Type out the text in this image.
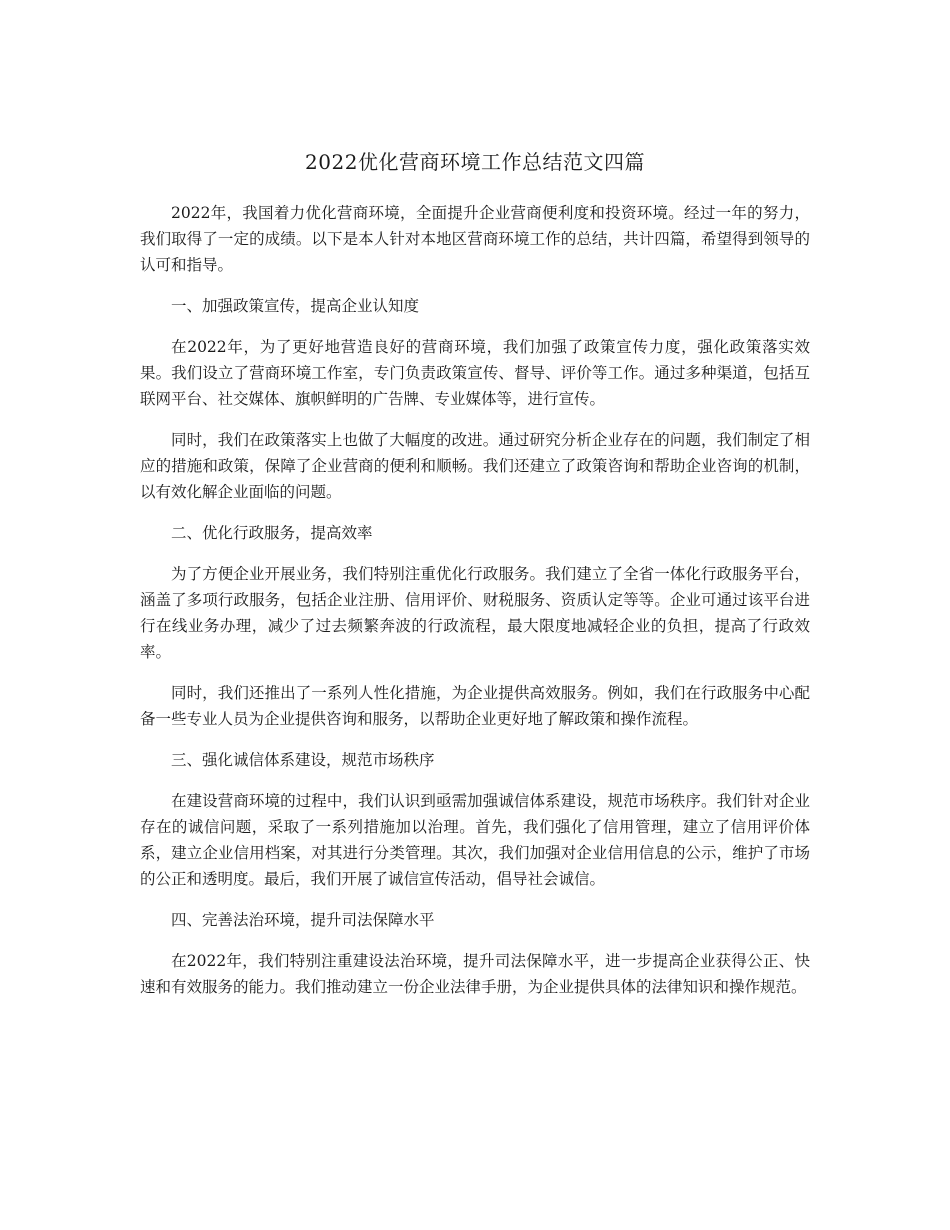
2022优化营商环境工作总结范文四篇

2022年，我国着力优化营商环境，全面提升企业营商便利度和投资环境。经过一年的努力，我们取得了一定的成绩。以下是本人针对本地区营商环境工作的总结，共计四篇，希望得到领导的认可和指导。

一、加强政策宣传，提高企业认知度

在2022年，为了更好地营造良好的营商环境，我们加强了政策宣传力度，强化政策落实效果。我们设立了营商环境工作室，专门负责政策宣传、督导、评价等工作。通过多种渠道，包括互联网平台、社交媒体、旗帜鲜明的广告牌、专业媒体等，进行宣传。

同时，我们在政策落实上也做了大幅度的改进。通过研究分析企业存在的问题，我们制定了相应的措施和政策，保障了企业营商的便利和顺畅。我们还建立了政策咨询和帮助企业咨询的机制，以有效化解企业面临的问题。

二、优化行政服务，提高效率

为了方便企业开展业务，我们特别注重优化行政服务。我们建立了全省一体化行政服务平台，涵盖了多项行政服务，包括企业注册、信用评价、财税服务、资质认定等等。企业可通过该平台进行在线业务办理，减少了过去频繁奔波的行政流程，最大限度地减轻企业的负担，提高了行政效率。

同时，我们还推出了一系列人性化措施，为企业提供高效服务。例如，我们在行政服务中心配备一些专业人员为企业提供咨询和服务，以帮助企业更好地了解政策和操作流程。

三、强化诚信体系建设，规范市场秩序

在建设营商环境的过程中，我们认识到亟需加强诚信体系建设，规范市场秩序。我们针对企业存在的诚信问题，采取了一系列措施加以治理。首先，我们强化了信用管理，建立了信用评价体系，建立企业信用档案，对其进行分类管理。其次，我们加强对企业信用信息的公示，维护了市场的公正和透明度。最后，我们开展了诚信宣传活动，倡导社会诚信。

四、完善法治环境，提升司法保障水平

在2022年，我们特别注重建设法治环境，提升司法保障水平，进一步提高企业获得公正、快速和有效服务的能力。我们推动建立一份企业法律手册，为企业提供具体的法律知识和操作规范。
